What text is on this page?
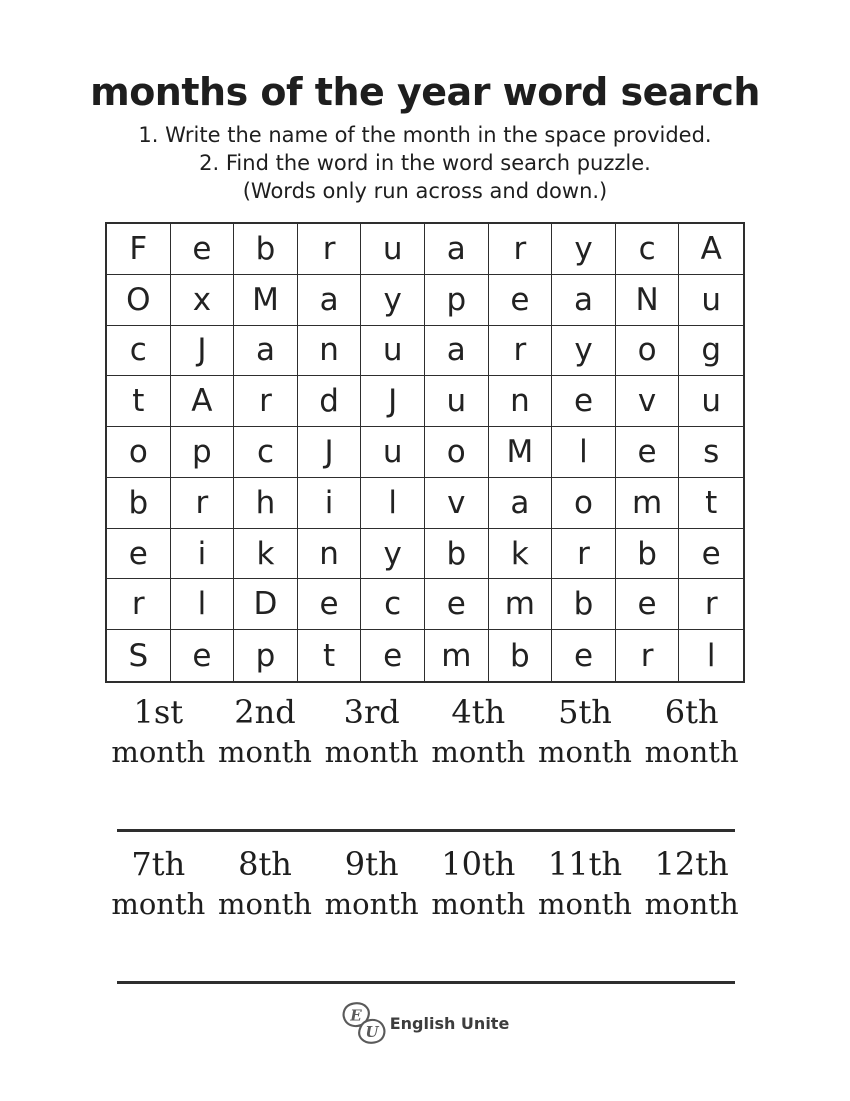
months of the year word search

1. Write the name of the month in the space provided.

2. Find the word in the word search puzzle.

(Words only run across and down.)

F	e	b	r	u	a	r	y	c	A
O	x	M	a	y	p	e	a	N	u
c	J	a	n	u	a	r	y	o	g
t	A	r	d	J	u	n	e	v	u
o	p	c	J	u	o	M	l	e	s
b	r	h	i	l	v	a	o	m	t
e	i	k	n	y	b	k	r	b	e
r	l	D	e	c	e	m	b	e	r
S	e	p	t	e	m	b	e	r	l
1st
month
2nd
month
3rd
month
4th
month
5th
month
6th
month
7th
month
8th
month
9th
month
10th
month
11th
month
12th
month
E
U English Unite
